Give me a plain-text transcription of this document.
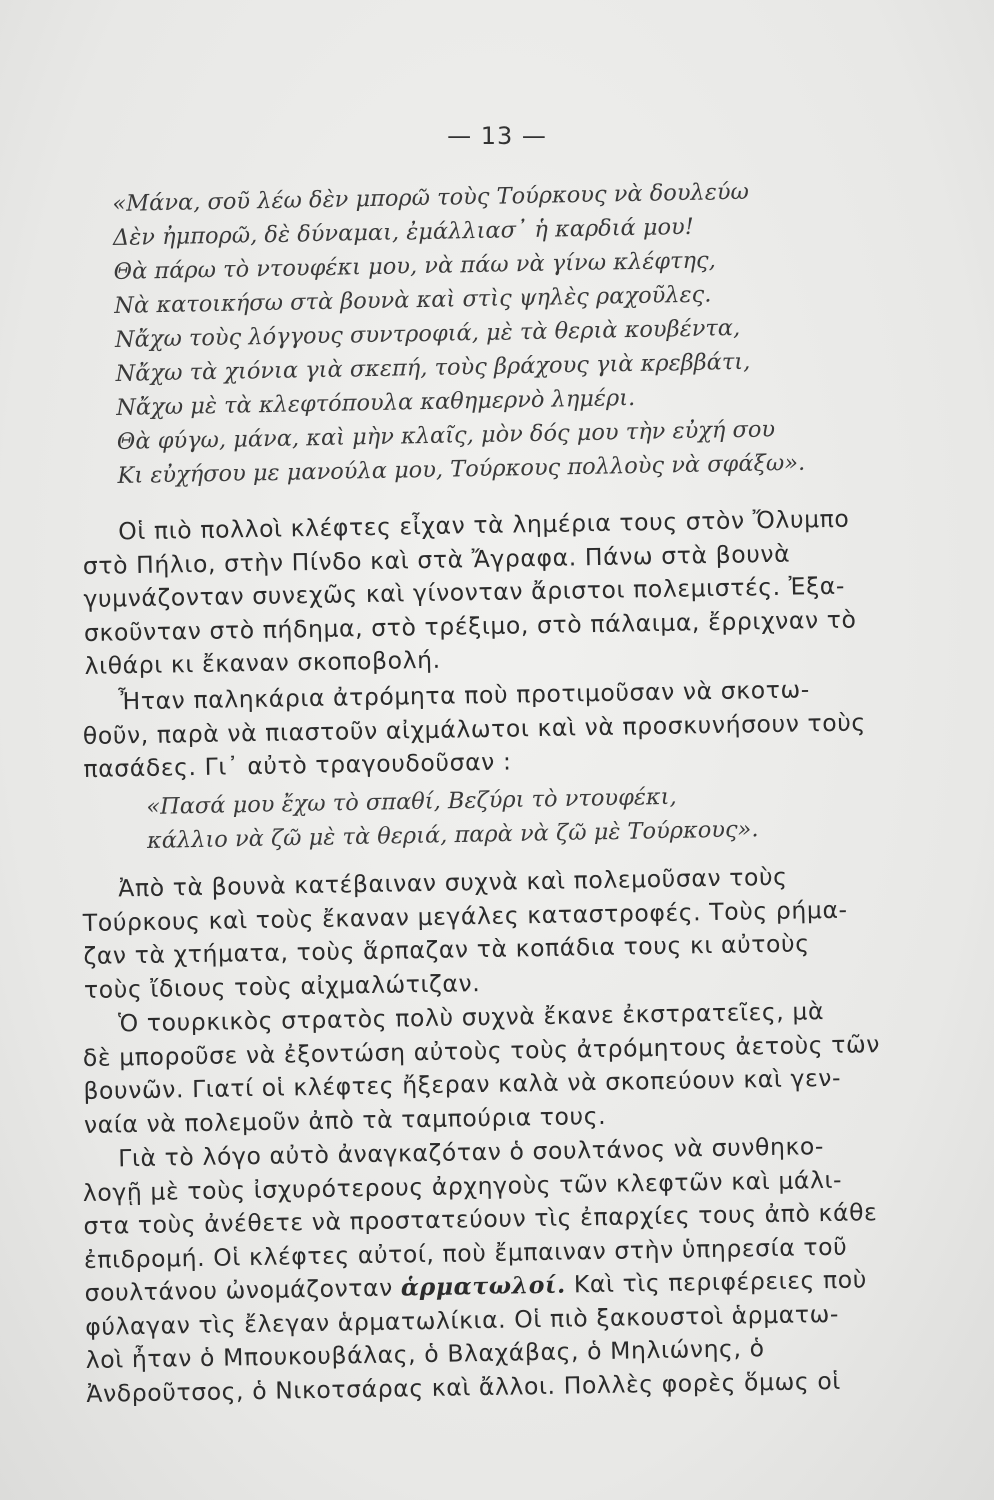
— 13 —
«Μάνα, σοῦ λέω δὲν μπορῶ τοὺς Τούρκους νὰ δουλεύω
Δὲν ἠμπορῶ, δὲ δύναμαι, ἐμάλλιασ᾿ ἡ καρδιά μου!
Θὰ πάρω τὸ ντουφέκι μου, νὰ πάω νὰ γίνω κλέφτης,
Νὰ κατοικήσω στὰ βουνὰ καὶ στὶς ψηλὲς ραχοῦλες.
Νἄχω τοὺς λόγγους συντροφιά, μὲ τὰ θεριὰ κουβέντα,
Νἄχω τὰ χιόνια γιὰ σκεπή, τοὺς βράχους γιὰ κρεββάτι,
Νἄχω μὲ τὰ κλεφτόπουλα καθημερνὸ λημέρι.
Θὰ φύγω, μάνα, καὶ μὴν κλαῖς, μὸν δός μου τὴν εὐχή σου
Κι εὐχήσου με μανούλα μου, Τούρκους πολλοὺς νὰ σφάξω».
Οἱ πιὸ πολλοὶ κλέφτες εἶχαν τὰ λημέρια τους στὸν Ὄλυμπο
στὸ Πήλιο, στὴν Πίνδο καὶ στὰ Ἄγραφα. Πάνω στὰ βουνὰ
γυμνάζονταν συνεχῶς καὶ γίνονταν ἄριστοι πολεμιστές. Ἐξα-
σκοῦνταν στὸ πήδημα, στὸ τρέξιμο, στὸ πάλαιμα, ἔρριχναν τὸ
λιθάρι κι ἔκαναν σκοποβολή.
Ἦταν παληκάρια ἀτρόμητα ποὺ προτιμοῦσαν νὰ σκοτω-
θοῦν, παρὰ νὰ πιαστοῦν αἰχμάλωτοι καὶ νὰ προσκυνήσουν τοὺς
πασάδες. Γι᾿ αὐτὸ τραγουδοῦσαν :
«Πασά μου ἔχω τὸ σπαθί, Βεζύρι τὸ ντουφέκι,
κάλλιο νὰ ζῶ μὲ τὰ θεριά, παρὰ νὰ ζῶ μὲ Τούρκους».
Ἀπὸ τὰ βουνὰ κατέβαιναν συχνὰ καὶ πολεμοῦσαν τοὺς
Τούρκους καὶ τοὺς ἔκαναν μεγάλες καταστροφές. Τοὺς ρήμα-
ζαν τὰ χτήματα, τοὺς ἅρπαζαν τὰ κοπάδια τους κι αὐτοὺς
τοὺς ἴδιους τοὺς αἰχμαλώτιζαν.
Ὁ τουρκικὸς στρατὸς πολὺ συχνὰ ἔκανε ἐκστρατεῖες, μὰ
δὲ μποροῦσε νὰ ἐξοντώση αὐτοὺς τοὺς ἀτρόμητους ἀετοὺς τῶν
βουνῶν. Γιατί οἱ κλέφτες ἤξεραν καλὰ νὰ σκοπεύουν καὶ γεν-
ναία νὰ πολεμοῦν ἀπὸ τὰ ταμπούρια τους.
Γιὰ τὸ λόγο αὐτὸ ἀναγκαζόταν ὁ σουλτάνος νὰ συνθηκο-
λογῇ μὲ τοὺς ἰσχυρότερους ἀρχηγοὺς τῶν κλεφτῶν καὶ μάλι-
στα τοὺς ἀνέθετε νὰ προστατεύουν τὶς ἐπαρχίες τους ἀπὸ κάθε
ἐπιδρομή. Οἱ κλέφτες αὐτοί, ποὺ ἔμπαιναν στὴν ὑπηρεσία τοῦ
σουλτάνου ὠνομάζονταν ἁρματωλοί. Καὶ τὶς περιφέρειες ποὺ
φύλαγαν τὶς ἔλεγαν ἁρματωλίκια. Οἱ πιὸ ξακουστοὶ ἁρματω-
λοὶ ἦταν ὁ Μπουκουβάλας, ὁ Βλαχάβας, ὁ Μηλιώνης, ὁ
Ἀνδροῦτσος, ὁ Νικοτσάρας καὶ ἄλλοι. Πολλὲς φορὲς ὅμως οἱ
